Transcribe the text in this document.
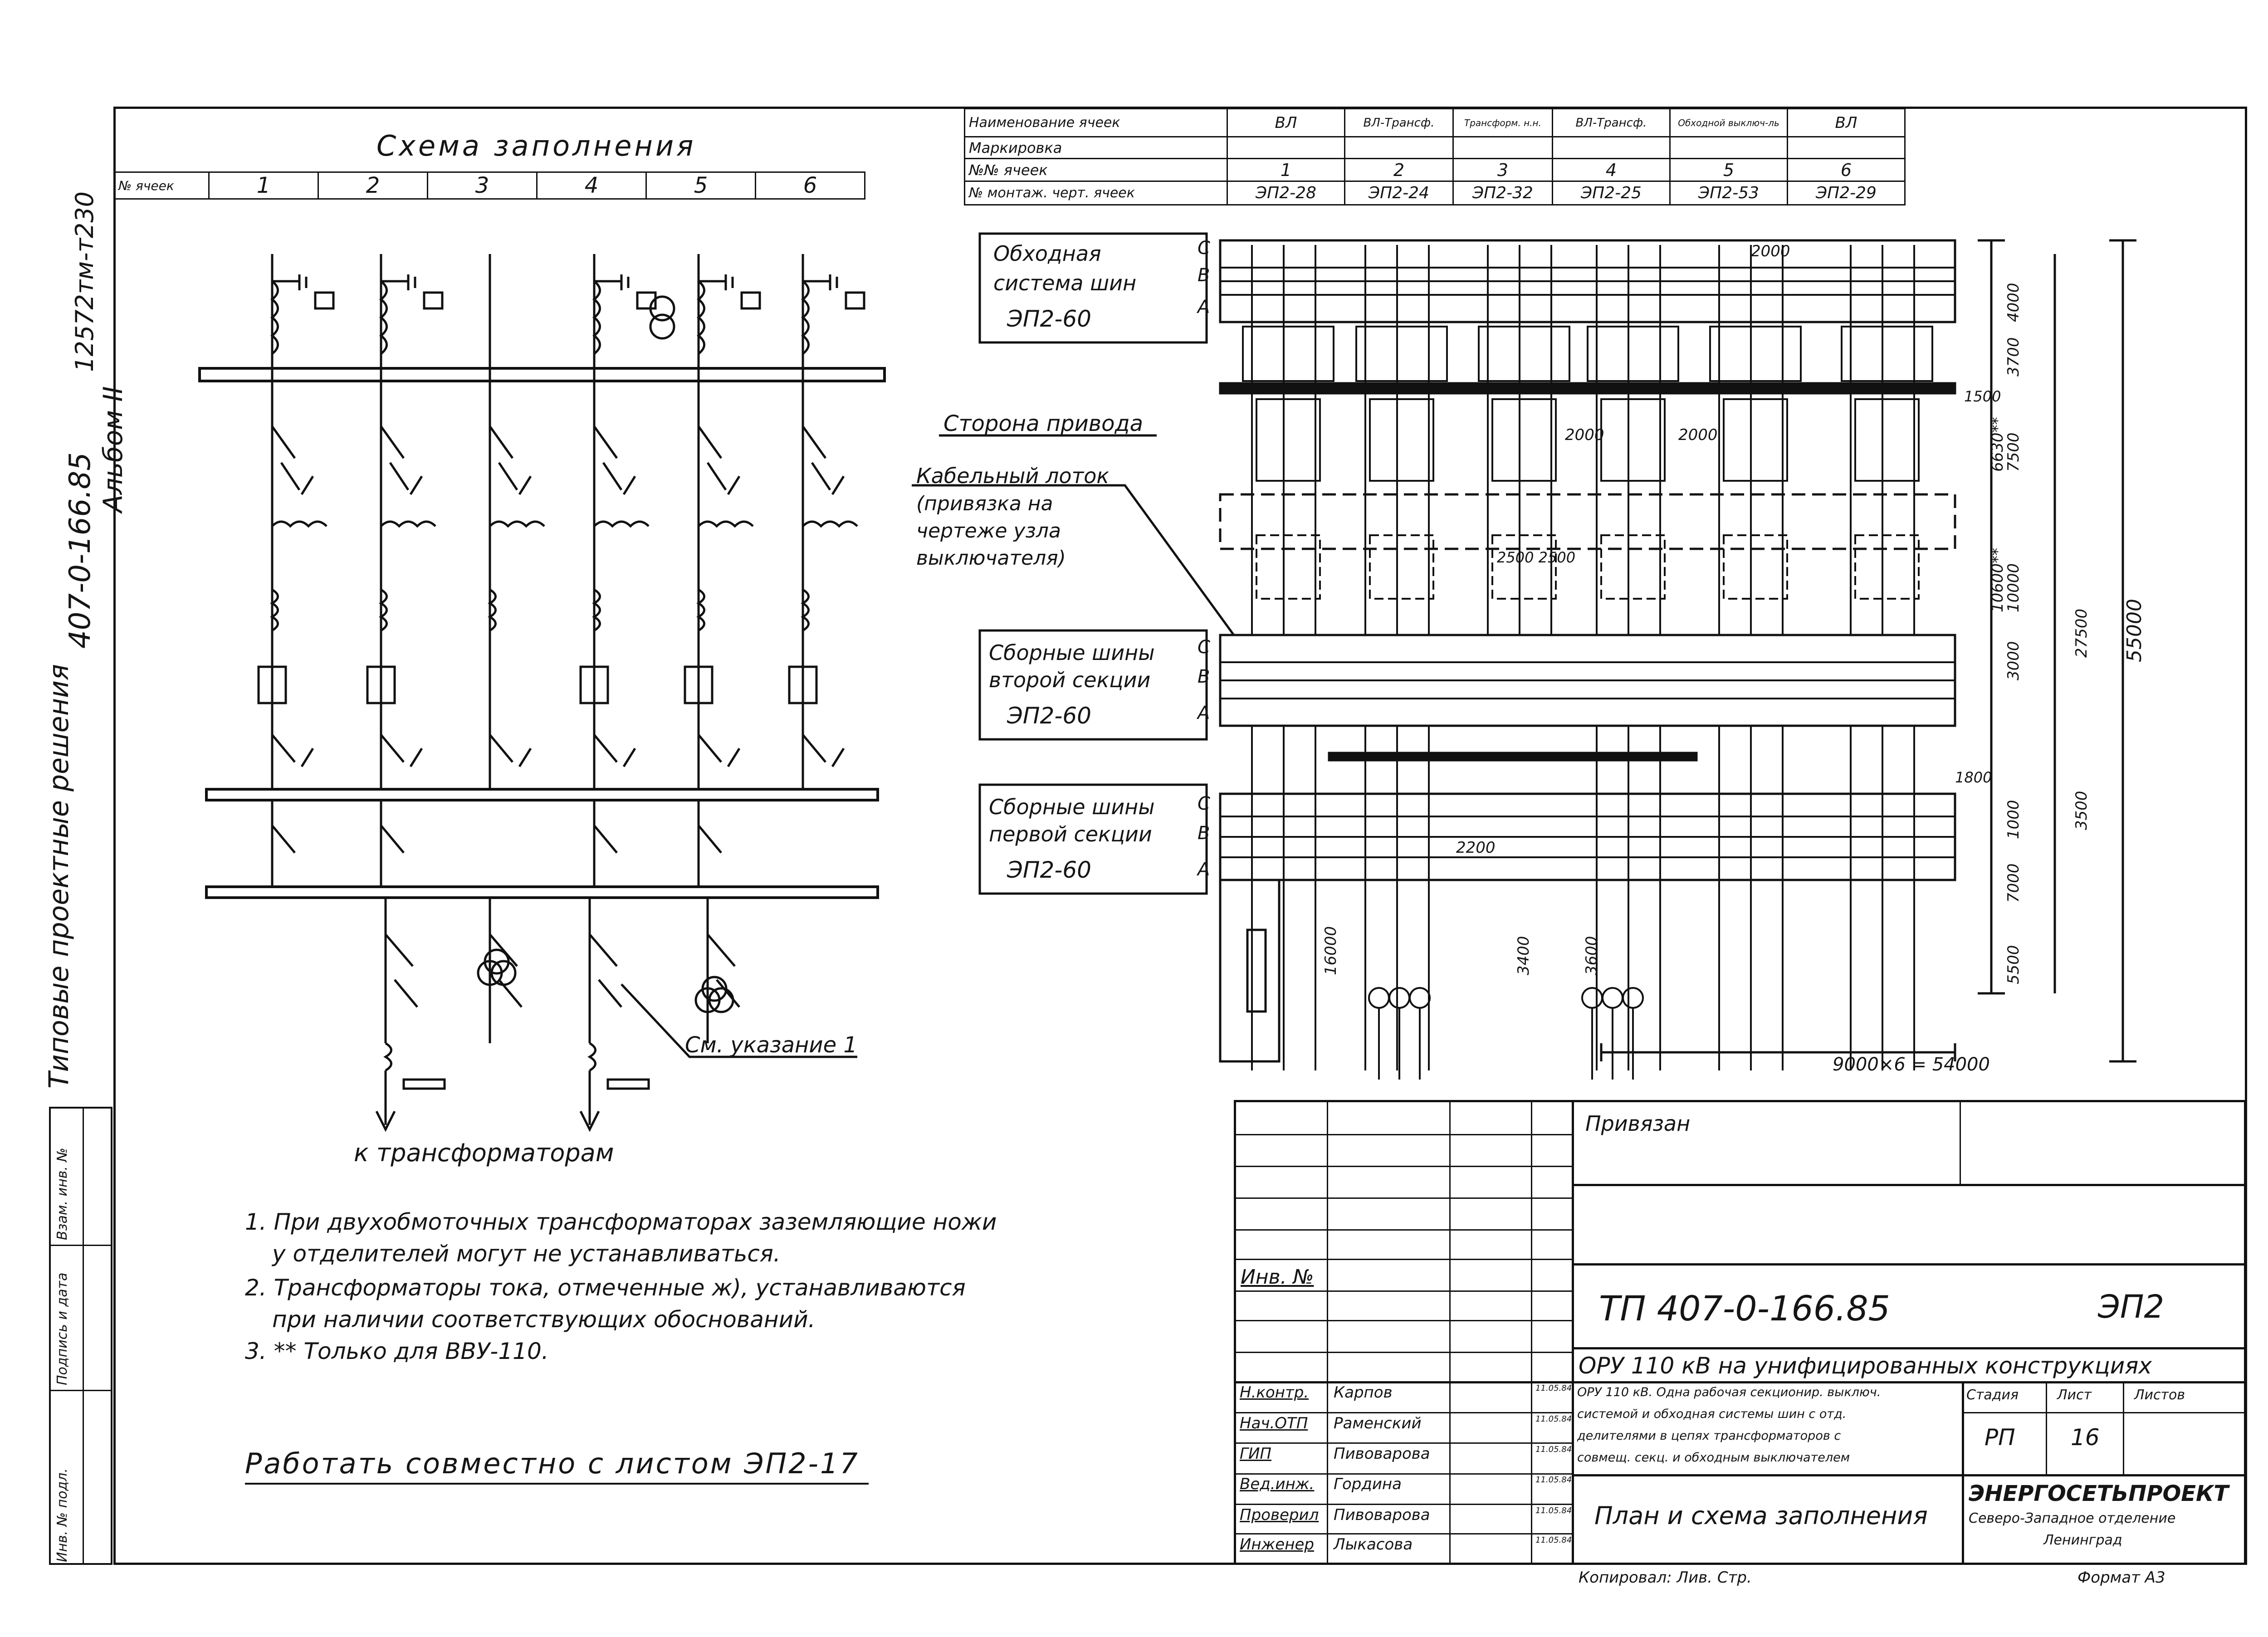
Типовые проектные решения
407-0-166.85
Альбом II
12572тм-т230
Инв. № подл.
Подпись и дата
Взам. инв. №
Схема заполнения
№ ячеек	1	2	3	4	5	6
к трансформаторам
См. указание 1
Наименование ячеек	ВЛ	ВЛ-Трансф.	Трансформ. н.н.	ВЛ-Трансф.	Обходной выключ-ль	ВЛ
Маркировка						
№№ ячеек	1	2	3	4	5	6
№ монтаж. черт. ячеек	ЭП2-28	ЭП2-24	ЭП2-32	ЭП2-25	ЭП2-53	ЭП2-29
Обходная
система шин
ЭП2-60
Сторона привода
Кабельный лоток
(привязка на
чертеже узла
выключателя)
Сборные шины
второй секции
ЭП2-60
Сборные шины
первой секции
ЭП2-60
С
В
А
С
В
А
С
В
А
2000
2000	2000
2500 2500
1500
1800
2200
9000×6 = 54000
16000	3400	3600
4000
3700
6630**
7500
10600**
10000
3000
27500 55000
3500
7000
1000
5500
1. При двухобмоточных трансформаторах заземляющие ножи
у отделителей могут не устанавливаться.
2. Трансформаторы тока, отмеченные ж), устанавливаются
при наличии соответствующих обоснований.
3. ** Только для ВВУ-110.
Работать совместно с листом ЭП2-17
Привязан
Инв. №
ТП 407-0-166.85	ЭП2
ОРУ 110 кВ на унифицированных конструкциях
ОРУ 110 кВ. Одна рабочая секционир. выключ.
системой и обходная системы шин с отд.
делителями в цепях трансформаторов с
совмещ. секц. и обходным выключателем
План и схема заполнения
Стадия	Лист	Листов
РП 16
ЭНЕРГОСЕТЬПРОЕКТ
Северо-Западное отделение
Ленинград
Н.контр. Карпов	11.05.84
Нач.ОТП Раменский	11.05.84
ГИП	Пивоварова	11.05.84
Вед.инж. Гордина	11.05.84
Проверил Пивоварова	11.05.84
Инженер Лыкасова	11.05.84
Копировал: Лив. Стр.	Формат А3
